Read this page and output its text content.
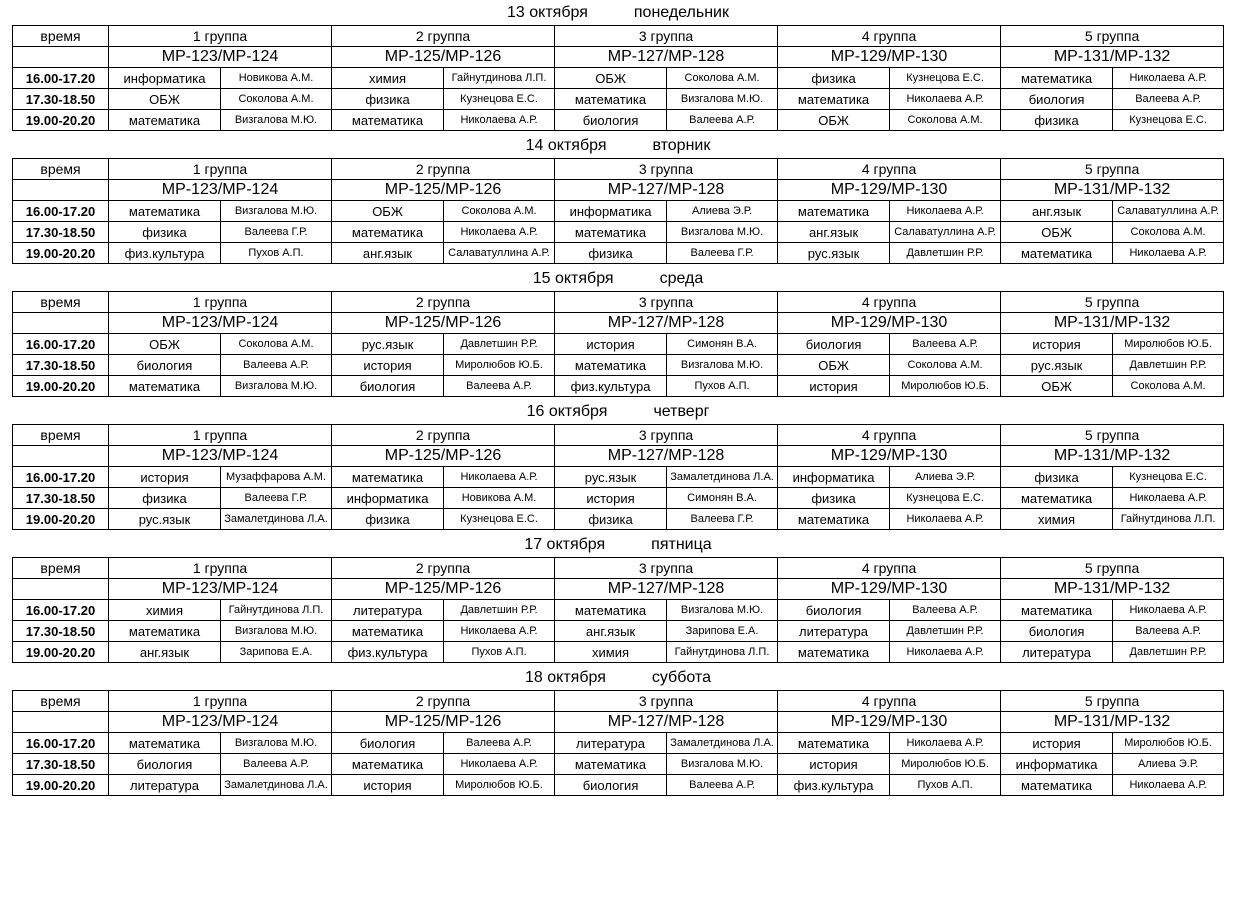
13 октября	понедельник
время	1 группа		2 группа		3 группа		4 группа		5 группа	
	МР-123/МР-124		МР-125/МР-126		МР-127/МР-128		МР-129/МР-130		МР-131/МР-132	
16.00-17.20	информатика	Новикова А.М.	химия	Гайнутдинова Л.П.	ОБЖ	Соколова А.М.	физика	Кузнецова Е.С.	математика	Николаева А.Р.
17.30-18.50	ОБЖ	Соколова А.М.	физика	Кузнецова Е.С.	математика	Визгалова М.Ю.	математика	Николаева А.Р.	биология	Валеева А.Р.
19.00-20.20	математика	Визгалова М.Ю.	математика	Николаева А.Р.	биология	Валеева А.Р.	ОБЖ	Соколова А.М.	физика	Кузнецова Е.С.
14 октября	вторник
время	1 группа		2 группа		3 группа		4 группа		5 группа	
	МР-123/МР-124		МР-125/МР-126		МР-127/МР-128		МР-129/МР-130		МР-131/МР-132	
16.00-17.20	математика	Визгалова М.Ю.	ОБЖ	Соколова А.М.	информатика	Алиева Э.Р.	математика	Николаева А.Р.	анг.язык	Салаватуллина А.Р.
17.30-18.50	физика	Валеева Г.Р.	математика	Николаева А.Р.	математика	Визгалова М.Ю.	анг.язык	Салаватуллина А.Р.	ОБЖ	Соколова А.М.
19.00-20.20	физ.культура	Пухов А.П.	анг.язык	Салаватуллина А.Р.	физика	Валеева Г.Р.	рус.язык	Давлетшин Р.Р.	математика	Николаева А.Р.
15 октября	среда
время	1 группа		2 группа		3 группа		4 группа		5 группа	
	МР-123/МР-124		МР-125/МР-126		МР-127/МР-128		МР-129/МР-130		МР-131/МР-132	
16.00-17.20	ОБЖ	Соколова А.М.	рус.язык	Давлетшин Р.Р.	история	Симонян В.А.	биология	Валеева А.Р.	история	Миролюбов Ю.Б.
17.30-18.50	биология	Валеева А.Р.	история	Миролюбов Ю.Б.	математика	Визгалова М.Ю.	ОБЖ	Соколова А.М.	рус.язык	Давлетшин Р.Р.
19.00-20.20	математика	Визгалова М.Ю.	биология	Валеева А.Р.	физ.культура	Пухов А.П.	история	Миролюбов Ю.Б.	ОБЖ	Соколова А.М.
16 октября	четверг
время	1 группа		2 группа		3 группа		4 группа		5 группа	
	МР-123/МР-124		МР-125/МР-126		МР-127/МР-128		МР-129/МР-130		МР-131/МР-132	
16.00-17.20	история	Музаффарова А.М.	математика	Николаева А.Р.	рус.язык	Замалетдинова Л.А.	информатика	Алиева Э.Р.	физика	Кузнецова Е.С.
17.30-18.50	физика	Валеева Г.Р.	информатика	Новикова А.М.	история	Симонян В.А.	физика	Кузнецова Е.С.	математика	Николаева А.Р.
19.00-20.20	рус.язык	Замалетдинова Л.А.	физика	Кузнецова Е.С.	физика	Валеева Г.Р.	математика	Николаева А.Р.	химия	Гайнутдинова Л.П.
17 октября	пятница
время	1 группа		2 группа		3 группа		4 группа		5 группа	
	МР-123/МР-124		МР-125/МР-126		МР-127/МР-128		МР-129/МР-130		МР-131/МР-132	
16.00-17.20	химия	Гайнутдинова Л.П.	литература	Давлетшин Р.Р.	математика	Визгалова М.Ю.	биология	Валеева А.Р.	математика	Николаева А.Р.
17.30-18.50	математика	Визгалова М.Ю.	математика	Николаева А.Р.	анг.язык	Зарипова Е.А.	литература	Давлетшин Р.Р.	биология	Валеева А.Р.
19.00-20.20	анг.язык	Зарипова Е.А.	физ.культура	Пухов А.П.	химия	Гайнутдинова Л.П.	математика	Николаева А.Р.	литература	Давлетшин Р.Р.
18 октября	суббота
время	1 группа		2 группа		3 группа		4 группа		5 группа	
	МР-123/МР-124		МР-125/МР-126		МР-127/МР-128		МР-129/МР-130		МР-131/МР-132	
16.00-17.20	математика	Визгалова М.Ю.	биология	Валеева А.Р.	литература	Замалетдинова Л.А.	математика	Николаева А.Р.	история	Миролюбов Ю.Б.
17.30-18.50	биология	Валеева А.Р.	математика	Николаева А.Р.	математика	Визгалова М.Ю.	история	Миролюбов Ю.Б.	информатика	Алиева Э.Р.
19.00-20.20	литература	Замалетдинова Л.А.	история	Миролюбов Ю.Б.	биология	Валеева А.Р.	физ.культура	Пухов А.П.	математика	Николаева А.Р.
